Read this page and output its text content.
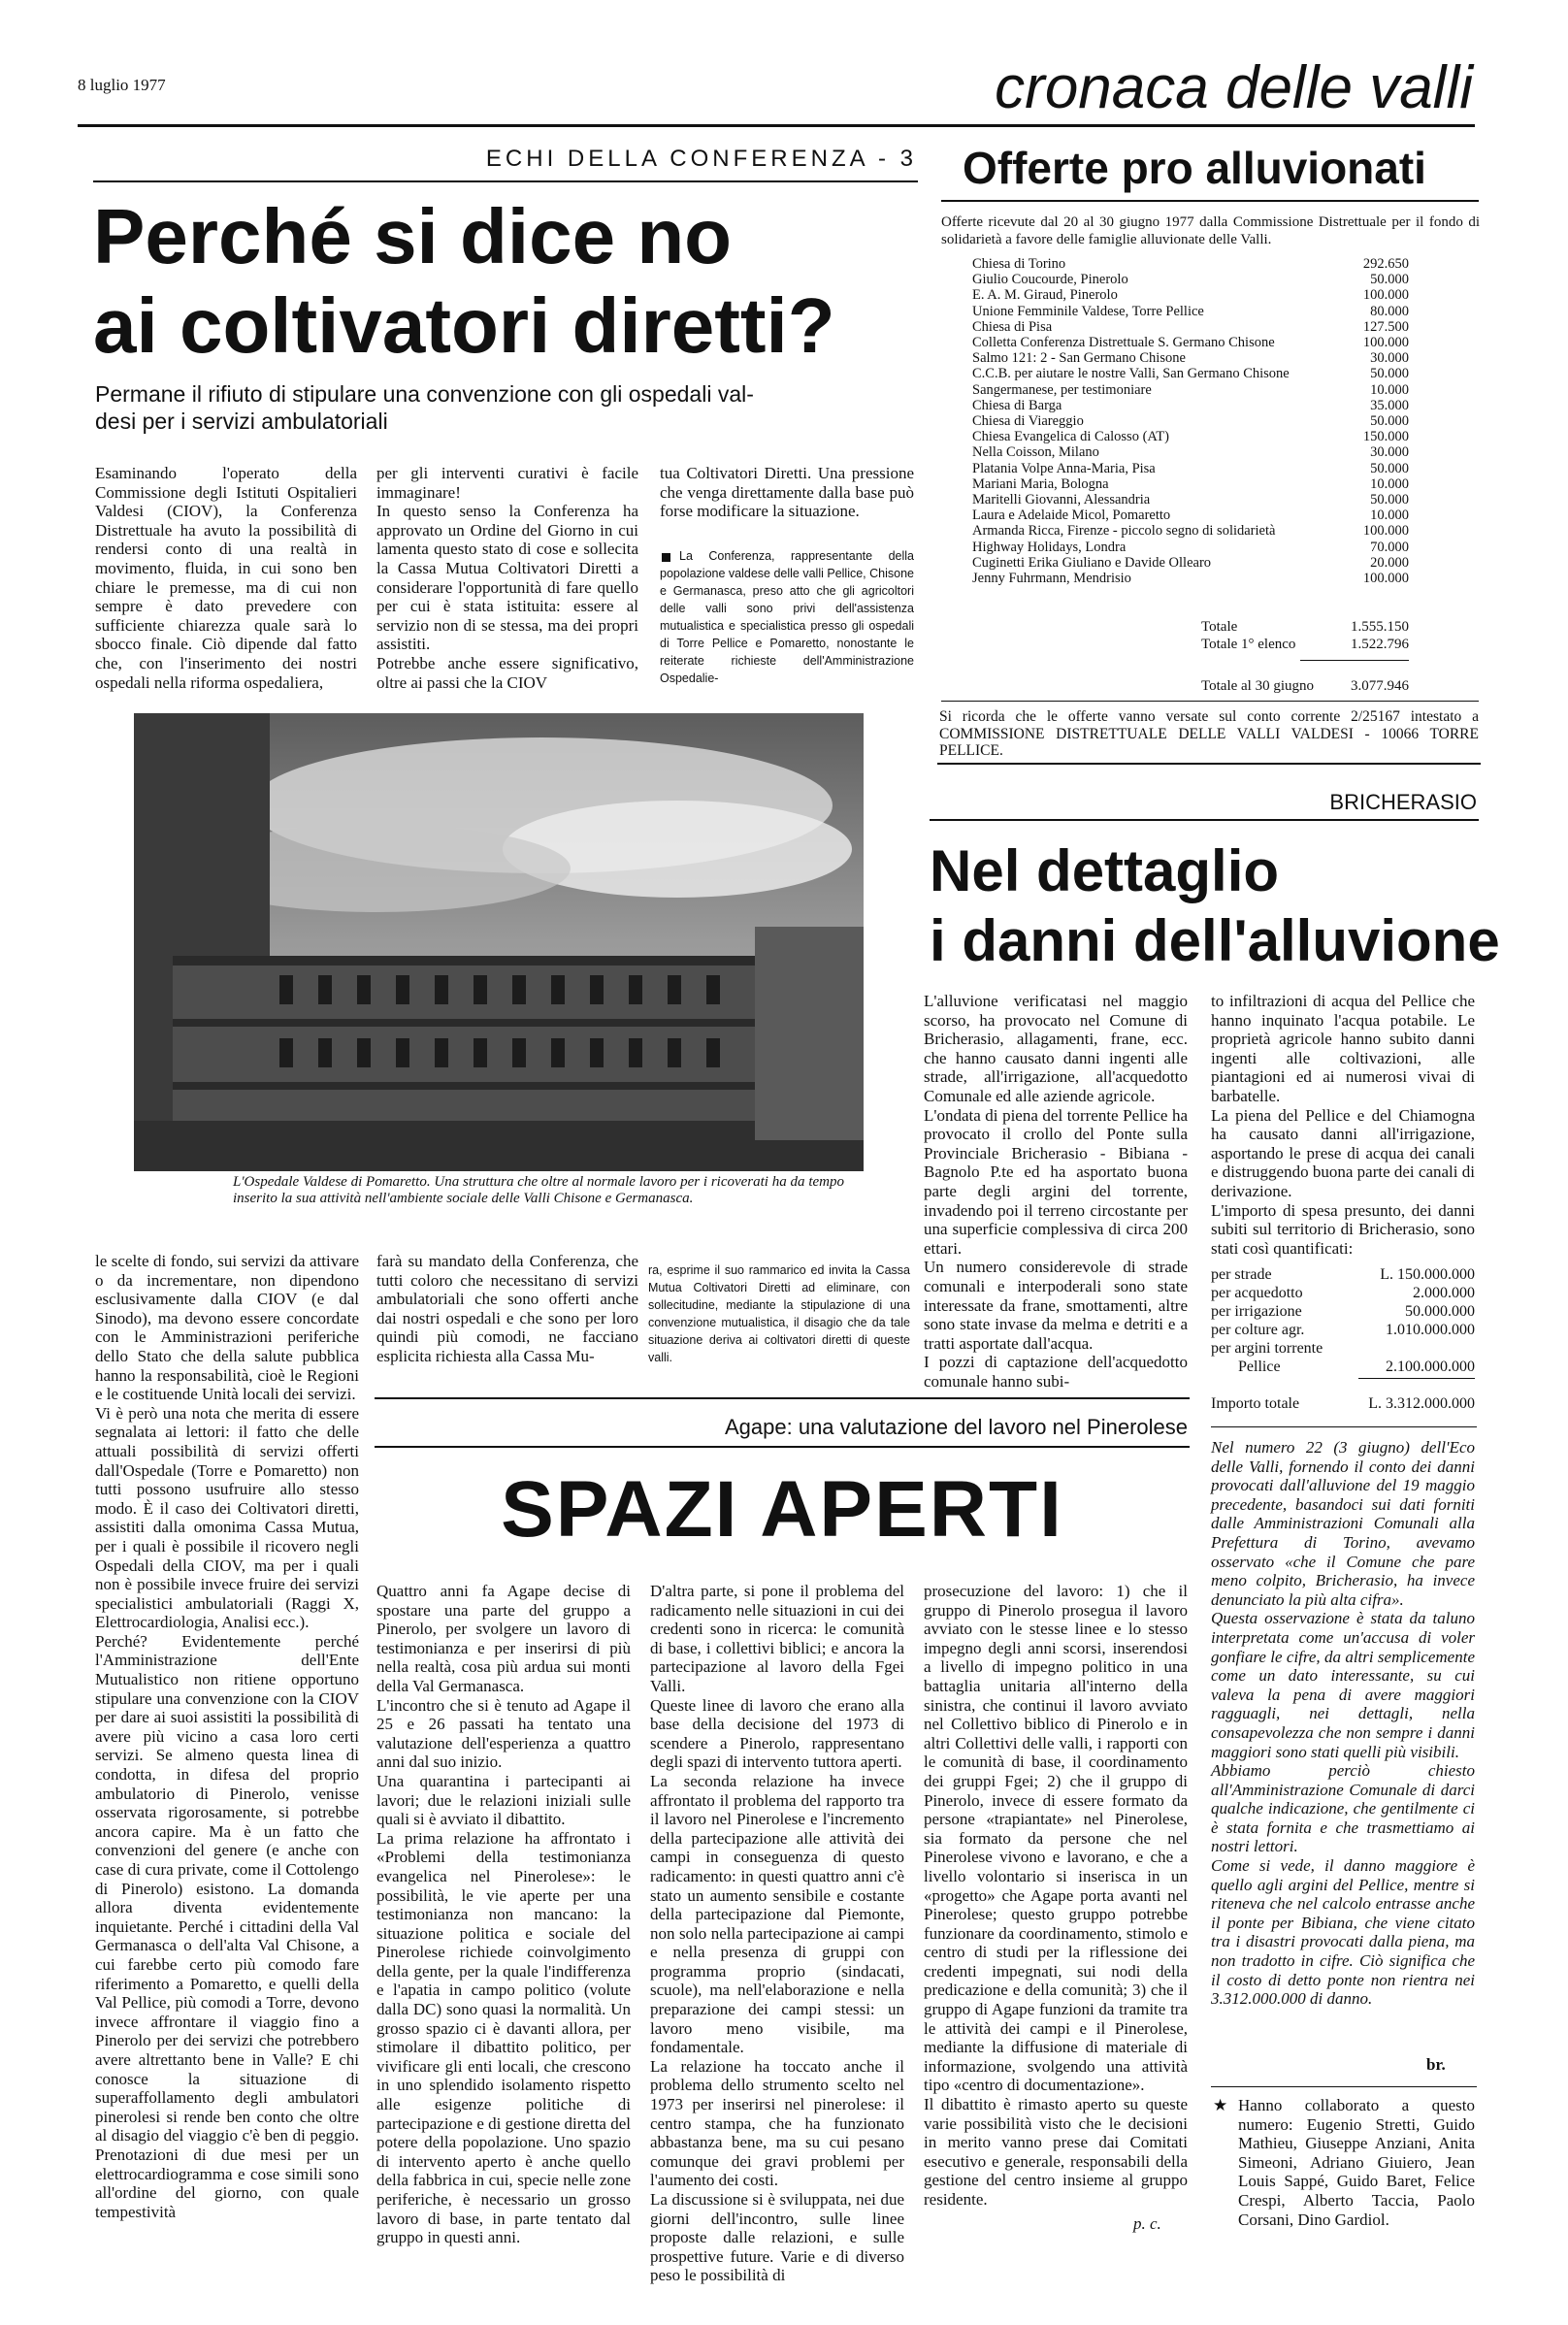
8 luglio 1977	cronaca delle valli
ECHI DELLA CONFERENZA - 3
Perché si dice no
ai coltivatori diretti?
Permane il rifiuto di stipulare una convenzione con gli ospedali val-
desi per i servizi ambulatoriali
Esaminando l'operato della Commissione degli Istituti Ospitalieri Valdesi (CIOV), la Conferenza Distrettuale ha avuto la possibilità di rendersi conto di una realtà in movimento, fluida, in cui sono ben chiare le premesse, ma di cui non sempre è dato prevedere con sufficiente chiarezza quale sarà lo sbocco finale. Ciò dipende dal fatto che, con l'inserimento dei nostri ospedali nella riforma ospedaliera,
per gli interventi curativi è facile immaginare!
In questo senso la Conferenza ha approvato un Ordine del Giorno in cui lamenta questo stato di cose e sollecita la Cassa Mutua Coltivatori Diretti a considerare l'opportunità di fare quello per cui è stata istituita: essere al servizio non di se stessa, ma dei propri assistiti.
Potrebbe anche essere significativo, oltre ai passi che la CIOV
tua Coltivatori Diretti. Una pressione che venga direttamente dalla base può forse modificare la situazione.
La Conferenza, rappresentante della popolazione valdese delle valli Pellice, Chisone e Germanasca, preso atto che gli agricoltori delle valli sono privi dell'assistenza mutualistica e specialistica presso gli ospedali di Torre Pellice e Pomaretto, nonostante le reiterate richieste dell'Amministrazione Ospedalie-
L'Ospedale Valdese di Pomaretto. Una struttura che oltre al normale lavoro per i ricoverati ha da tempo inserito la sua attività nell'ambiente sociale delle Valli Chisone e Germanasca.
le scelte di fondo, sui servizi da attivare o da incrementare, non dipendono esclusivamente dalla CIOV (e dal Sinodo), ma devono essere concordate con le Amministrazioni periferiche dello Stato che della salute pubblica hanno la responsabilità, cioè le Regioni e le costituende Unità locali dei servizi.
Vi è però una nota che merita di essere segnalata ai lettori: il fatto che delle attuali possibilità di servizi offerti dall'Ospedale (Torre e Pomaretto) non tutti possono usufruire allo stesso modo. È il caso dei Coltivatori diretti, assistiti dalla omonima Cassa Mutua, per i quali è possibile il ricovero negli Ospedali della CIOV, ma per i quali non è possibile invece fruire dei servizi specialistici ambulatoriali (Raggi X, Elettrocardiologia, Analisi ecc.).
Perché? Evidentemente perché l'Amministrazione dell'Ente Mutualistico non ritiene opportuno stipulare una convenzione con la CIOV per dare ai suoi assistiti la possibilità di avere più vicino a casa loro certi servizi. Se almeno questa linea di condotta, in difesa del proprio ambulatorio di Pinerolo, venisse osservata rigorosamente, si potrebbe ancora capire. Ma è un fatto che convenzioni del genere (e anche con case di cura private, come il Cottolengo di Pinerolo) esistono. La domanda allora diventa evidentemente inquietante. Perché i cittadini della Val Germanasca o dell'alta Val Chisone, a cui farebbe certo più comodo fare riferimento a Pomaretto, e quelli della Val Pellice, più comodi a Torre, devono invece affrontare il viaggio fino a Pinerolo per dei servizi che potrebbero avere altrettanto bene in Valle? E chi conosce la situazione di superaffollamento degli ambulatori pinerolesi si rende ben conto che oltre al disagio del viaggio c'è ben di peggio. Prenotazioni di due mesi per un elettrocardiogramma e cose simili sono all'ordine del giorno, con quale tempestività
farà su mandato della Conferenza, che tutti coloro che necessitano di servizi ambulatoriali che sono offerti anche dai nostri ospedali e che sono per loro quindi più comodi, ne facciano esplicita richiesta alla Cassa Mu-
ra, esprime il suo rammarico ed invita la Cassa Mutua Coltivatori Diretti ad eliminare, con sollecitudine, mediante la stipulazione di una convenzione mutualistica, il disagio che da tale situazione deriva ai coltivatori diretti di queste valli.
Offerte pro alluvionati
Offerte ricevute dal 20 al 30 giugno 1977 dalla Commissione Distrettuale per il fondo di solidarietà a favore delle famiglie alluvionate delle Valli.
Chiesa di Torino	292.650
Giulio Coucourde, Pinerolo	50.000
E. A. M. Giraud, Pinerolo	100.000
Unione Femminile Valdese, Torre Pellice	80.000
Chiesa di Pisa	127.500
Colletta Conferenza Distrettuale S. Germano Chisone	100.000
Salmo 121: 2 - San Germano Chisone	30.000
C.C.B. per aiutare le nostre Valli, San Germano Chisone	50.000
Sangermanese, per testimoniare	10.000
Chiesa di Barga	35.000
Chiesa di Viareggio	50.000
Chiesa Evangelica di Calosso (AT)	150.000
Nella Coisson, Milano	30.000
Platania Volpe Anna-Maria, Pisa	50.000
Mariani Maria, Bologna	10.000
Maritelli Giovanni, Alessandria	50.000
Laura e Adelaide Micol, Pomaretto	10.000
Armanda Ricca, Firenze - piccolo segno di solidarietà	100.000
Highway Holidays, Londra	70.000
Cuginetti Erika Giuliano e Davide Ollearo	20.000
Jenny Fuhrmann, Mendrisio	100.000
Totale	1.555.150
Totale 1° elenco	1.522.796
Totale al 30 giugno	3.077.946
Si ricorda che le offerte vanno versate sul conto corrente 2/25167 intestato a COMMISSIONE DISTRETTUALE DELLE VALLI VALDESI - 10066 TORRE PELLICE.
BRICHERASIO
Nel dettaglio
i danni dell'alluvione
L'alluvione verificatasi nel maggio scorso, ha provocato nel Comune di Bricherasio, allagamenti, frane, ecc. che hanno causato danni ingenti alle strade, all'irrigazione, all'acquedotto Comunale ed alle aziende agricole.
L'ondata di piena del torrente Pellice ha provocato il crollo del Ponte sulla Provinciale Bricherasio - Bibiana - Bagnolo P.te ed ha asportato buona parte degli argini del torrente, invadendo poi il terreno circostante per una superficie complessiva di circa 200 ettari.
Un numero considerevole di strade comunali e interpoderali sono state interessate da frane, smottamenti, altre sono state invase da melma e detriti e a tratti asportate dall'acqua.
I pozzi di captazione dell'acquedotto comunale hanno subi-
to infiltrazioni di acqua del Pellice che hanno inquinato l'acqua potabile. Le proprietà agricole hanno subito danni ingenti alle coltivazioni, alle piantagioni ed ai numerosi vivai di barbatelle.
La piena del Pellice e del Chiamogna ha causato danni all'irrigazione, asportando le prese di acqua dei canali e distruggendo buona parte dei canali di derivazione.
L'importo di spesa presunto, dei danni subiti sul territorio di Bricherasio, sono stati così quantificati:
per strade	L. 150.000.000
per acquedotto	2.000.000
per irrigazione	50.000.000
per colture agr.	1.010.000.000
per argini torrente	
Pellice	2.100.000.000
Importo totale	L. 3.312.000.000
Nel numero 22 (3 giugno) dell'Eco delle Valli, fornendo il conto dei danni provocati dall'alluvione del 19 maggio precedente, basandoci sui dati forniti dalle Amministrazioni Comunali alla Prefettura di Torino, avevamo osservato «che il Comune che pare meno colpito, Bricherasio, ha invece denunciato la più alta cifra».
Questa osservazione è stata da taluno interpretata come un'accusa di voler gonfiare le cifre, da altri semplicemente come un dato interessante, su cui valeva la pena di avere maggiori ragguagli, nei dettagli, nella consapevolezza che non sempre i danni maggiori sono stati quelli più visibili.
Abbiamo perciò chiesto all'Amministrazione Comunale di darci qualche indicazione, che gentilmente ci è stata fornita e che trasmettiamo ai nostri lettori.
Come si vede, il danno maggiore è quello agli argini del Pellice, mentre si riteneva che nel calcolo entrasse anche il ponte per Bibiana, che viene citato tra i disastri provocati dalla piena, ma non tradotto in cifre. Ciò significa che il costo di detto ponte non rientra nei 3.312.000.000 di danno.
br.
★ Hanno collaborato a questo numero: Eugenio Stretti, Guido Mathieu, Giuseppe Anziani, Anita Simeoni, Adriano Giuiero, Jean Louis Sappé, Guido Baret, Felice Crespi, Alberto Taccia, Paolo Corsani, Dino Gardiol.
Agape: una valutazione del lavoro nel Pinerolese
SPAZI APERTI
Quattro anni fa Agape decise di spostare una parte del gruppo a Pinerolo, per svolgere un lavoro di testimonianza e per inserirsi di più nella realtà, cosa più ardua sui monti della Val Germanasca.
L'incontro che si è tenuto ad Agape il 25 e 26 passati ha tentato una valutazione dell'esperienza a quattro anni dal suo inizio.
Una quarantina i partecipanti ai lavori; due le relazioni iniziali sulle quali si è avviato il dibattito.
La prima relazione ha affrontato i «Problemi della testimonianza evangelica nel Pinerolese»: le possibilità, le vie aperte per una testimonianza non mancano: la situazione politica e sociale del Pinerolese richiede coinvolgimento della gente, per la quale l'indifferenza e l'apatia in campo politico (volute dalla DC) sono quasi la normalità. Un grosso spazio ci è davanti allora, per stimolare il dibattito politico, per vivificare gli enti locali, che crescono in uno splendido isolamento rispetto alle esigenze politiche di partecipazione e di gestione diretta del potere della popolazione. Uno spazio di intervento aperto è anche quello della fabbrica in cui, specie nelle zone periferiche, è necessario un grosso lavoro di base, in parte tentato dal gruppo in questi anni.
D'altra parte, si pone il problema del radicamento nelle situazioni in cui dei credenti sono in ricerca: le comunità di base, i collettivi biblici; e ancora la partecipazione al lavoro della Fgei Valli.
Queste linee di lavoro che erano alla base della decisione del 1973 di scendere a Pinerolo, rappresentano degli spazi di intervento tuttora aperti.
La seconda relazione ha invece affrontato il problema del rapporto tra il lavoro nel Pinerolese e l'incremento della partecipazione alle attività dei campi in conseguenza di questo radicamento: in questi quattro anni c'è stato un aumento sensibile e costante della partecipazione dal Piemonte, non solo nella partecipazione ai campi e nella presenza di gruppi con programma proprio (sindacati, scuole), ma nell'elaborazione e nella preparazione dei campi stessi: un lavoro meno visibile, ma fondamentale.
La relazione ha toccato anche il problema dello strumento scelto nel 1973 per inserirsi nel pinerolese: il centro stampa, che ha funzionato abbastanza bene, ma su cui pesano comunque dei gravi problemi per l'aumento dei costi.
La discussione si è sviluppata, nei due giorni dell'incontro, sulle linee proposte dalle relazioni, e sulle prospettive future. Varie e di diverso peso le possibilità di
prosecuzione del lavoro: 1) che il gruppo di Pinerolo prosegua il lavoro avviato con le stesse linee e lo stesso impegno degli anni scorsi, inserendosi a livello di impegno politico in una battaglia unitaria all'interno della sinistra, che continui il lavoro avviato nel Collettivo biblico di Pinerolo e in altri Collettivi delle valli, i rapporti con le comunità di base, il coordinamento dei gruppi Fgei; 2) che il gruppo di Pinerolo, invece di essere formato da persone «trapiantate» nel Pinerolese, sia formato da persone che nel Pinerolese vivono e lavorano, e che a livello volontario si inserisca in un «progetto» che Agape porta avanti nel Pinerolese; questo gruppo potrebbe funzionare da coordinamento, stimolo e centro di studi per la riflessione dei credenti impegnati, sui nodi della predicazione e della comunità; 3) che il gruppo di Agape funzioni da tramite tra le attività dei campi e il Pinerolese, mediante la diffusione di materiale di informazione, svolgendo una attività tipo «centro di documentazione».
Il dibattito è rimasto aperto su queste varie possibilità visto che le decisioni in merito vanno prese dai Comitati esecutivo e generale, responsabili della gestione del centro insieme al gruppo residente.
p. c.
